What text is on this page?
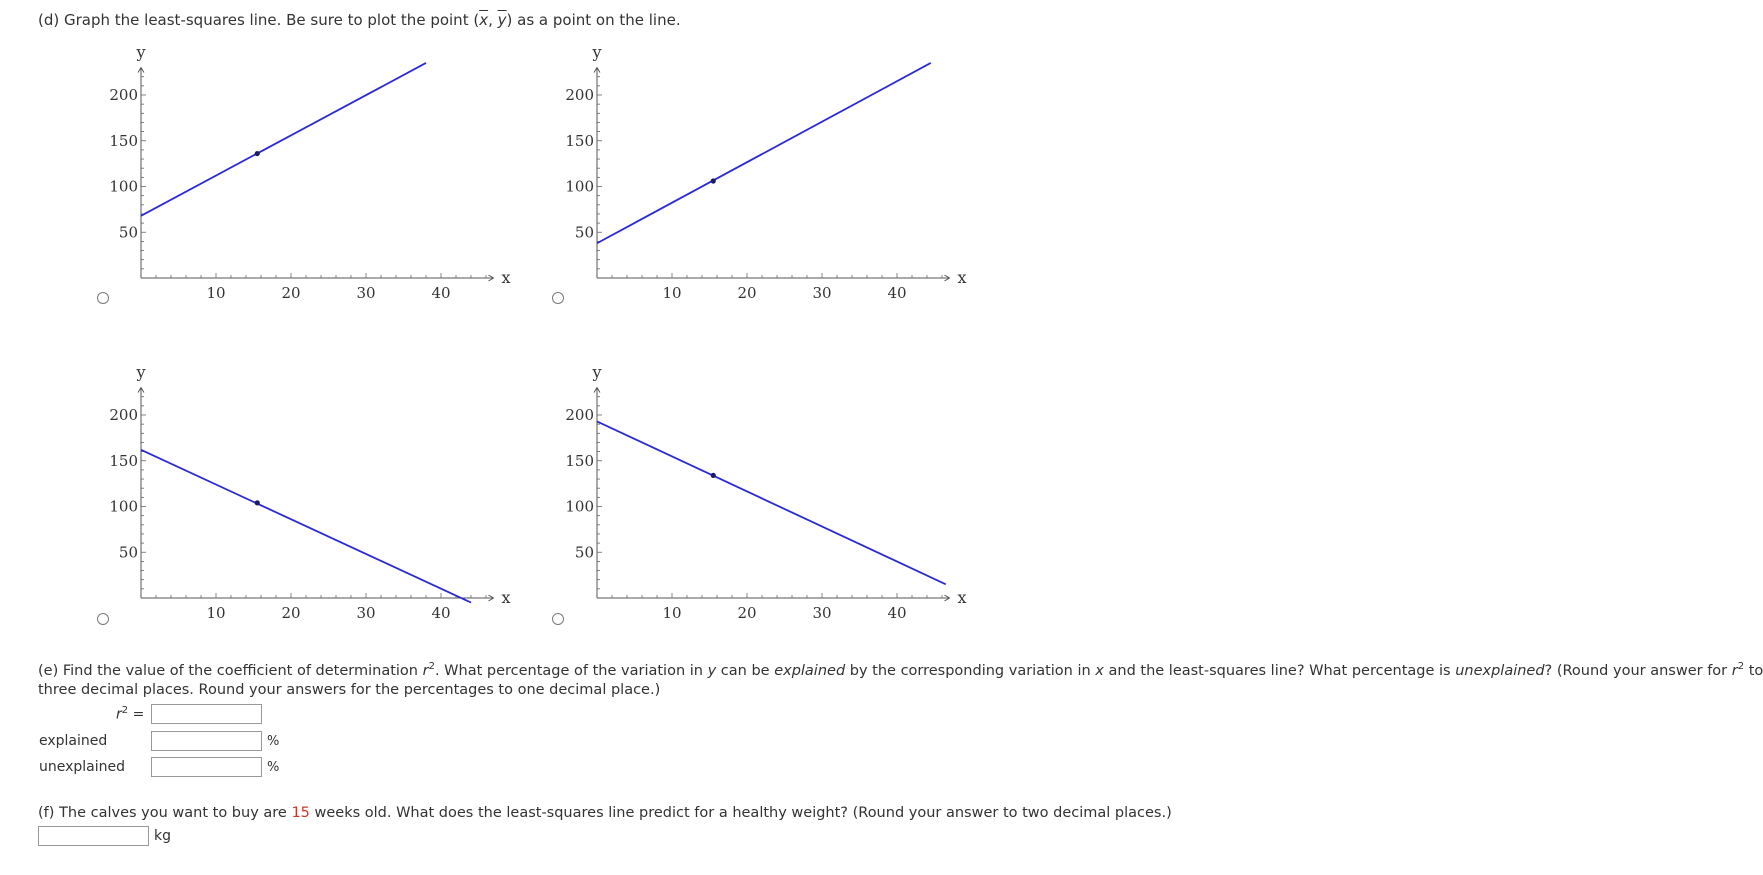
(d) Graph the least-squares line. Be sure to plot the point ($\overline{x}$, $\overline{y}$) as a point on the line.
10	20	30	40
50
100
150
200
x
y
10	20	30	40
50
100
150
200
x
y
10	20	30	40
50
100
150
200
x
y
10	20	30	40
50
100
150
200
x
y
(e) Find the value of the coefficient of determination $r^2$. What percentage of the variation in y can be explained by the corresponding variation in x and the least-squares line? What percentage is unexplained? (Round your answer for $r^2$ to
three decimal places. Round your answers for the percentages to one decimal place.)
$r^2$ =
explained	%
unexplained	%
(f) The calves you want to buy are 15 weeks old. What does the least-squares line predict for a healthy weight? (Round your answer to two decimal places.)
kg
